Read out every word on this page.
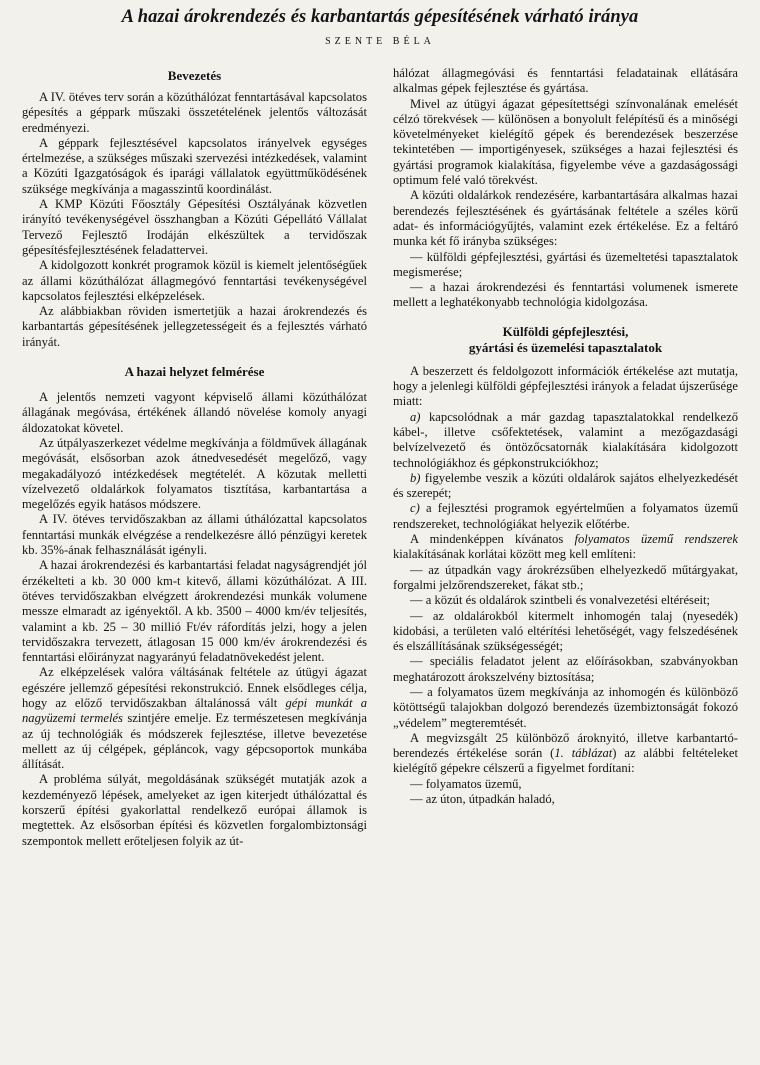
A hazai árokrendezés és karbantartás gépesítésének várható iránya
SZENTE BÉLA
Bevezetés

A IV. ötéves terv során a közúthálózat fenntartásával kapcsolatos gépesítés a géppark műszaki összetételének jelentős változását eredményezi.

A géppark fejlesztésével kapcsolatos irányelvek egységes értelmezése, a szükséges műszaki szervezési intézkedések, valamint a Közúti Igazgatóságok és iparági vállalatok együttműködésének szüksége megkívánja a magasszintű koordinálást.

A KMP Közúti Főosztály Gépesítési Osztályának közvetlen irányító tevékenységével összhangban a Közúti Gépellátó Vállalat Tervező Fejlesztő Irodáján elkészültek a tervidőszak gépesítésfejlesztésének feladattervei.

A kidolgozott konkrét programok közül is kiemelt jelentőségűek az állami közúthálózat állagmegóvó fenntartási tevékenységével kapcsolatos fejlesztési elképzelések.

Az alábbiakban röviden ismertetjük a hazai árokrendezés és karbantartás gépesítésének jellegzetességeit és a fejlesztés várható irányát.

A hazai helyzet felmérése

A jelentős nemzeti vagyont képviselő állami közúthálózat állagának megóvása, értékének állandó növelése komoly anyagi áldozatokat követel.

Az útpályaszerkezet védelme megkívánja a földművek állagának megóvását, elsősorban azok átnedvesedését megelőző, vagy megakadályozó intézkedések megtételét. A közutak melletti vízelvezető oldalárkok folyamatos tisztítása, karbantartása a megelőzés egyik hatásos módszere.

A IV. ötéves tervidőszakban az állami úthálózattal kapcsolatos fenntartási munkák elvégzése a rendelkezésre álló pénzügyi keretek kb. 35%-ának felhasználását igényli.

A hazai árokrendezési és karbantartási feladat nagyságrendjét jól érzékelteti a kb. 30 000 km-t kitevő, állami közúthálózat. A III. ötéves tervidőszakban elvégzett árokrendezési munkák volumene messze elmaradt az igényektől. A kb. 3500 – 4000 km/év teljesítés, valamint a kb. 25 – 30 millió Ft/év ráfordítás jelzi, hogy a jelen tervidőszakra tervezett, átlagosan 15 000 km/év árokrendezési és fenntartási előirányzat nagyarányú feladatnövekedést jelent.

Az elképzelések valóra váltásának feltétele az útügyi ágazat egészére jellemző gépesítési rekonstrukció. Ennek elsődleges célja, hogy az előző tervidőszakban általánossá vált gépi munkát a nagyüzemi termelés szintjére emelje. Ez természetesen megkívánja az új technológiák és módszerek fejlesztése, illetve bevezetése mellett az új célgépek, gépláncok, vagy gépcsoportok munkába állítását.

A probléma súlyát, megoldásának szükségét mutatják azok a kezdeményező lépések, amelyeket az igen kiterjedt úthálózattal és korszerű építési gyakorlattal rendelkező európai államok is megtettek. Az elsősorban építési és közvetlen forgalombiztonsági szempontok mellett erőteljesen folyik az út-

hálózat állagmegóvási és fenntartási feladatainak ellátására alkalmas gépek fejlesztése és gyártása.

Mivel az útügyi ágazat gépesítettségi színvonalának emelését célzó törekvések — különösen a bonyolult felépítésű és a minőségi követelményeket kielégítő gépek és berendezések beszerzése tekintetében — importigényesek, szükséges a hazai fejlesztési és gyártási programok kialakítása, figyelembe véve a gazdaságossági optimum felé való törekvést.

A közúti oldalárkok rendezésére, karbantartására alkalmas hazai berendezés fejlesztésének és gyártásának feltétele a széles körű adat- és információgyűjtés, valamint ezek értékelése. Ez a feltáró munka két fő irányba szükséges:

— külföldi gépfejlesztési, gyártási és üzemeltetési tapasztalatok megismerése;

— a hazai árokrendezési és fenntartási volumenek ismerete mellett a leghatékonyabb technológia kidolgozása.

Külföldi gépfejlesztési,
gyártási és üzemelési tapasztalatok

A beszerzett és feldolgozott információk értékelése azt mutatja, hogy a jelenlegi külföldi gépfejlesztési irányok a feladat újszerűsége miatt:

a) kapcsolódnak a már gazdag tapasztalatokkal rendelkező kábel-, illetve csőfektetések, valamint a mezőgazdasági belvízelvezető és öntözőcsatornák kialakítására kidolgozott technológiákhoz és gépkonstrukciókhoz;

b) figyelembe veszik a közúti oldalárok sajátos elhelyezkedését és szerepét;

c) a fejlesztési programok egyértelműen a folyamatos üzemű rendszereket, technológiákat helyezik előtérbe.

A mindenképpen kívánatos folyamatos üzemű rendszerek kialakításának korlátai között meg kell említeni:

— az útpadkán vagy árokrézsűben elhelyezkedő műtárgyakat, forgalmi jelzőrendszereket, fákat stb.;

— a közút és oldalárok szintbeli és vonalvezetési eltéréseit;

— az oldalárokból kitermelt inhomogén talaj (nyesedék) kidobási, a területen való eltérítési lehetőségét, vagy felszedésének és elszállításának szükségességét;

— speciális feladatot jelent az előírásokban, szabványokban meghatározott árokszelvény biztosítása;

— a folyamatos üzem megkívánja az inhomogén és különböző kötöttségű talajokban dolgozó berendezés üzembiztonságát fokozó „védelem” megteremtését.

A megvizsgált 25 különböző ároknyitó, illetve karbantartó-berendezés értékelése során (1. táblázat) az alábbi feltételeket kielégítő gépekre célszerű a figyelmet fordítani:

— folyamatos üzemű,

— az úton, útpadkán haladó,
